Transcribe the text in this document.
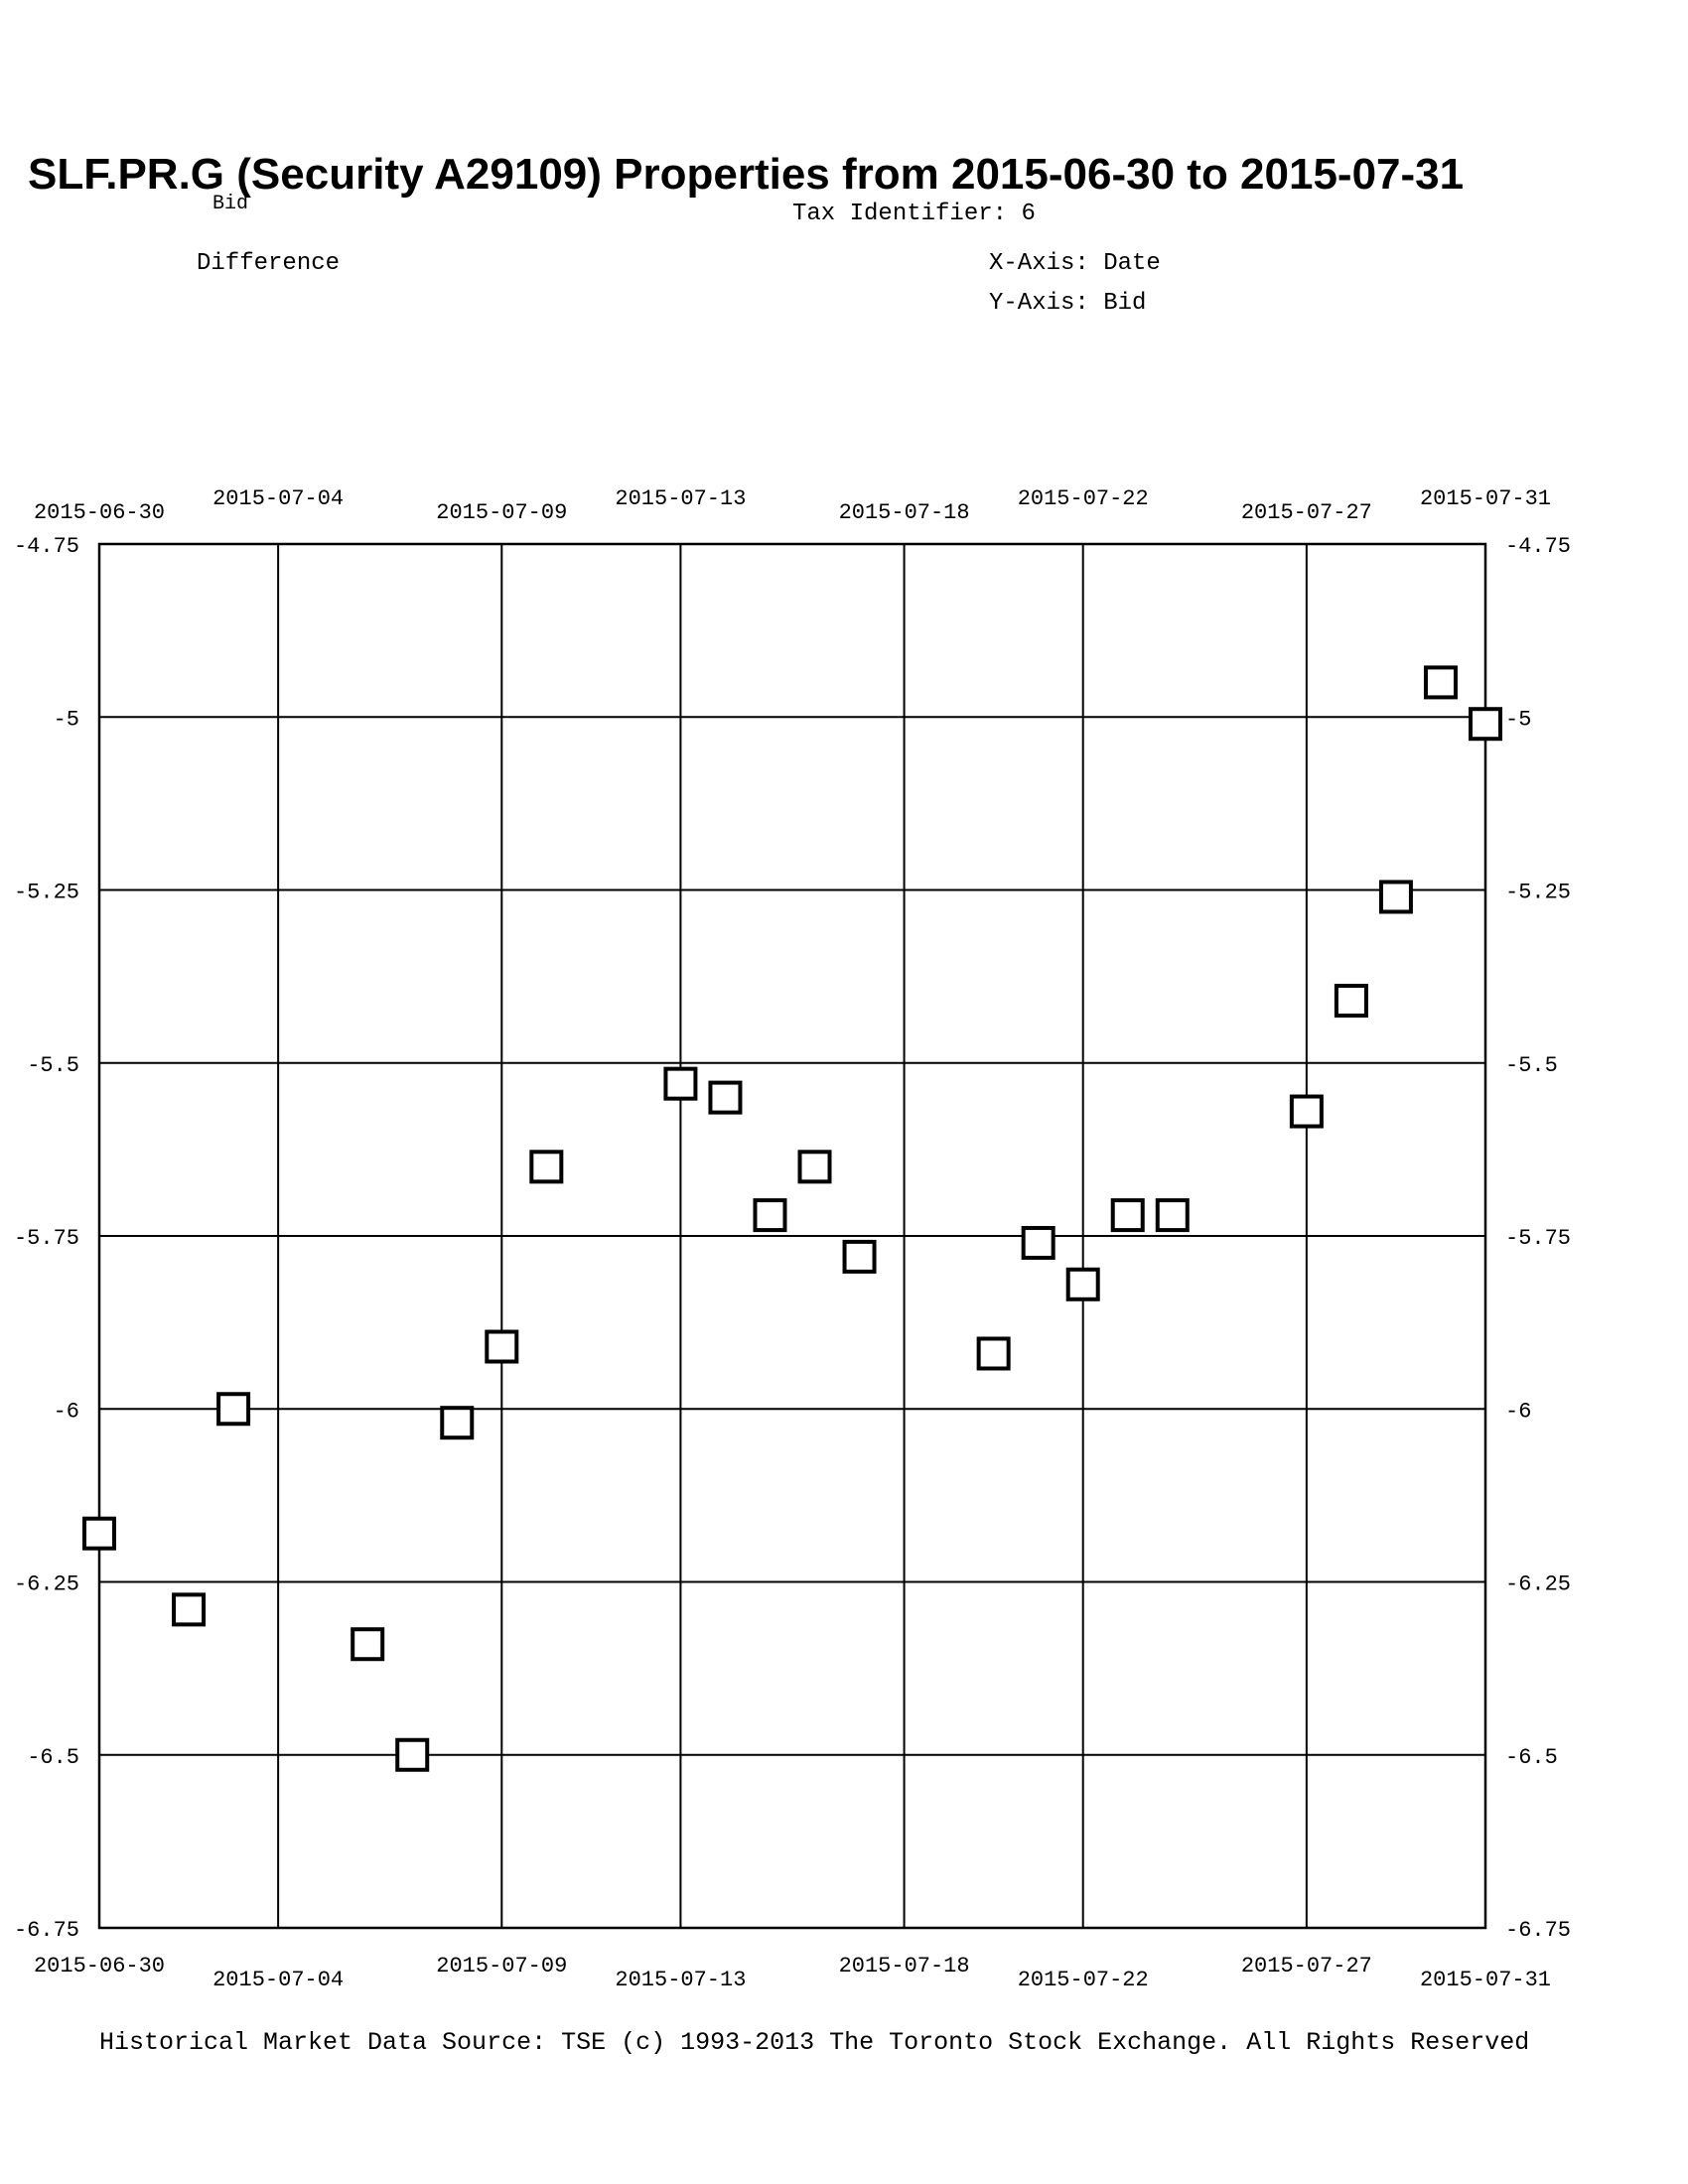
SLF.PR.G (Security A29109) Properties from 2015-06-30 to 2015-07-31
Bid	Tax Identifier: 6
Difference	X-Axis: Date
Y-Axis: Bid
2015-06-30
2015-06-30
2015-07-04
2015-07-04
2015-07-09
2015-07-09
2015-07-13
2015-07-13
2015-07-18
2015-07-18
2015-07-22
2015-07-22
2015-07-27
2015-07-27
2015-07-31
2015-07-31
-4.75	-4.75
-5	-5
-5.25	-5.25
-5.5	-5.5
-5.75	-5.75
-6	-6
-6.25	-6.25
-6.5	-6.5
-6.75	-6.75
Historical Market Data Source: TSE (c) 1993-2013 The Toronto Stock Exchange. All Rights Reserved
